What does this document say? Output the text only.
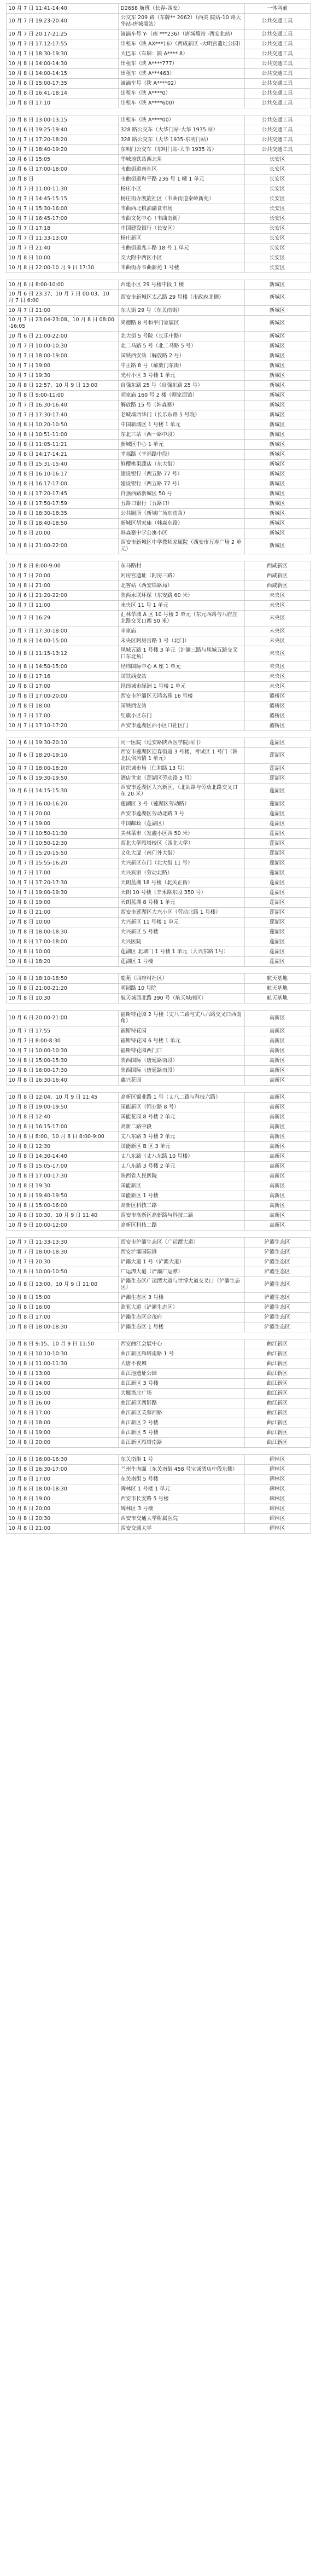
10 月 7 日 11:41-14:40	D2658 航班（长春-西安）	一体两前
10 月 7 日 19:23-20:40	公交车 209 路（车牌** 2062）（西美 院站-10 路大华站-唐城墙站）	公共交通工具
10 月 7 日 20:17-21:25	滴滴车号 Y-（南 ***236）（唐城墙站 -西安北站）	公共交通工具
10 月 7 日 17:12-17:55	出租车（陕 AX***16）（西咸新区 -大明宫遗址公园）	公共交通工具
10 月 7 日 18:30-19:30	大巴车（车牌：陕 A**** 8）	公共交通工具
10 月 8 日 14:00-14:30	出租车（陕 A****777）	公共交通工具
10 月 8 日 14:00-14:15	出租车（陕 A***463）	公共交通工具
10 月 8 日 15:00-17:35	滴滴车号（陕 A****02）	公共交通工具
10 月 8 日 16:41-18:14	出租车（陕 A****0）	公共交通工具
10 月 8 日 17:10	出租车（陕 A****600）	公共交通工具
10 月 8 日 13:00-13:15	出租车（陕 A****00）	公共交通工具
10 月 6 日 19:25-19:40	328 路公交车（大华门站-大华 1935 站）	公共交通工具
10 月 7 日 17:20-18:20	328 路公交车（大华 1935-东明门站）	公共交通工具
10 月 7 日 18:40-19:20	东明门公交车（东明门站-大华 1935 站）	公共交通工具
10 月 6 日 15:05	华城地铁站西北角	长安区
10 月 6 日 17:00-18:00	韦曲街道南社区	长安区
10 月 8 日	韦曲街道和平路 236 号 1 幢 1 单元	长安区
10 月 7 日 11:00-11:30	杨庄小区	长安区
10 月 7 日 14:45-15:15	杨庄街办凯旋社区（韦曲街道秦岭新苑）	长安区
10 月 7 日 15:30-16:00	韦曲西北粮油副食市场	长安区
10 月 7 日 16:45-17:00	韦曲文化中心（韦曲南街）	长安区
10 月 7 日 17:18	中国建设银行（长安区）	长安区
10 月 7 日 11:33-13:00	杨庄新区	长安区
10 月 7 日 21:40	韦曲街道兆丰路 18 号 1 单元	长安区
10 月 8 日 10:00	交大附中西区小区	长安区
10 月 8 日 22:00-10 月 9 日 17:30	韦曲街办韦曲新苑 1 号楼	长安区
10 月 8 日 8:00-10:00	西建小区 29 号楼中段 1 楼	新城区
10 月 6 日 23:37、10 月 7 日 00:03、10 月 7 日 6:00	西安市新城区太乙路 29 号楼（市政府北侧）	新城区
10 月 7 日 21:00	东大街 29 号（东关南街）	新城区
10 月 7 日 23:04-23:08、10 月 8 日 08:00-16:05	尚德路 8 号和平门家属区	新城区
10 月 6 日 21:00-22:00	北大街 5 号院（长乐中路）	新城区
10 月 7 日 10:00-10:30	北二马路 5 号（北二马路 5 号）	新城区
10 月 7 日 18:00-19:00	国铁西安站（解放路 2 号）	新城区
10 月 7 日 19:00	中正路 8 号（解放门东街）	新城区
10 月 7 日 19:30	光村小区 3 号楼 1 单元	新城区
10 月 8 日 12:57、10 月 9 日 13:00	自强东路 25 号（自强东路 25 号）	新城区
10 月 8 日 9:00-11:00	胡家庙 160 号 2 楼（顾家面馆）	新城区
10 月 7 日 16:30-16:40	解放路 15 号（韩森寨）	新城区
10 月 7 日 17:30-17:40	老城墙西华门（长乐东路 5 号院）	新城区
10 月 8 日 10:20-10:50	中国新城区 1 号楼 1 单元	新城区
10 月 8 日 10:51-11:00	东北三站（西一路中段）	新城区
10 月 8 日 11:05-11:21	新城区中心 1 单元	新城区
10 月 8 日 14:17-14:21	幸福路（幸福路中段）	新城区
10 月 8 日 15:31-15:40	鲜樱桃果蔬店（东大街）	新城区
10 月 8 日 16:10-16:17	建设银行（西五路 77 号）	新城区
10 月 8 日 16:17-17:00	建设银行（西五路 77 号）	新城区
10 月 8 日 17:20-17:45	自强西路新城区 50 号	新城区
10 月 8 日 17:50-17:59	五路口银行（五路口）	新城区
10 月 8 日 18:30-18:35	公共厕所（新城广场东南角）	新城区
10 月 8 日 18:40-18:50	新城区胡家庙（韩森东路）	新城区
10 月 8 日 20:00	韩森寨中学公寓小区	新城区
10 月 8 日 21:00-22:00	西安市新城区中学教师家属院（西安市万寿广场 2 单元）	新城区
10 月 8 日 8:00-9:00	东马路村	西咸新区
10 月 7 日 20:00	阿房宫遗址（阿房三路）	西咸新区
10 月 8 日 21:00	北客站（西安铁路局）	西咸新区
10 月 6 日 21:20-22:00	陕西永联环保（东安路 60 米）	未央区
10 月 7 日 11:00	未央区 11 号 1 单元	未央区
10 月 7 日 16:29	汇林华城 A 区 10 号楼 2 单元（东元西路与八府庄北路交叉口西 50 米）	未央区
10 月 7 日 17:30-18:00	辛家庙	未央区
10 月 8 日 14:00-15:00	未央区阿房宫路 1 号（北门）	未央区
10 月 8 日 11:15-13:12	凤城五路 1 号楼 3 单元（沪灞三路与凤城五路交叉口东北角）	未央区
10 月 8 日 14:50-15:00	经纬国际中心 A 座 1 单元	未央区
10 月 8 日 17:16	国铁西安站	未央区
10 月 8 日 17:00	经纬城市绿洲 1 号楼 1 单元	未央区
10 月 8 日 17:00-20:00	西安市沪灞区天鸿名苑 16 号楼	灞桥区
10 月 8 日 18:00	国铁西安站	灞桥区
10 月 7 日 17:00	红旗小区东门	灞桥区
10 月 7 日 17:10-17:20	西安市莲湖区西小区口社区门	灞桥区
10 月 6 日 19:30-20:10	同一医院（延安路陕西医学院西门）	莲湖区
10 月 6 日 18:20-19:10	西安市莲湖区迎春街道 3 号楼，考试区 1 号门（陕北民俗风情 1 单元）	莲湖区
10 月 7 日 18:00-18:20	纺织城市场（仁和路 13 号）	莲湖区
10 月 6 日 19:30-19:50	酒店世家（莲湖区劳动路 5 号）	莲湖区
10 月 6 日 14:15-15:30	西安市莲湖区大兴新区、（北站路与劳动北路交叉口东 20 米）	莲湖区
10 月 7 日 16:00-16:20	莲湖区 3 号（莲湖区劳动路）	莲湖区
10 月 7 日 20:00	西安市莲湖区劳动北路 3 号	莲湖区
10 月 7 日 19:00	中国邮政（莲湖区）	莲湖区
10 月 7 日 10:50-11:30	美林菜市（发鑫小区西 50 米）	莲湖区
10 月 7 日 10:50-12:30	西北大学雁塔校区（西北大学）	莲湖区
10 月 7 日 15:20-15:50	文化大厦（南门外大街）	莲湖区
10 月 7 日 15:55-16:20	大兴新区东门（北大街 11 号）	莲湖区
10 月 7 日 17:00	大兴宾馆（劳动北路）	莲湖区
10 月 7 日 17:20-17:30	天朗蓝湖 18 号楼（北关正街）	莲湖区
10 月 7 日 19:00-19:30	天朗 10 号楼（丰禾路东段 350 号）	莲湖区
10 月 8 日 19:00	天朗蓝湖 8 号楼 1 单元	莲湖区
10 月 8 日 21:00	西安市莲湖区大兴小区（劳动北路 1 号楼）	莲湖区
10 月 8 日 10:00	大兴新区 11 号楼 1 单元	莲湖区
10 月 8 日 18:00-18:30	大兴新区 5 号楼	莲湖区
10 月 8 日 17:00-18:00	大兴医院	莲湖区
10 月 8 日 10:00	莲湖区 北城门 1 号楼 1 单元（大兴东路 1号）	莲湖区
10 月 8 日 18:20	莲湖区 1 号楼	莲湖区
10 月 8 日 18:10-18:50	鹿苑（四府村社区）	航天基地
10 月 8 日 21:00-21:20	明园路 10 号院	航天基地
10 月 8 日 10:30	航天城西北路 390 号（航天城南区）	航天基地
10 月 6 日 20:00-21:00	福斯特花园 2 号楼（丈八二路与丈八六路交叉口西南角）	高新区
10 月 7 日 17:55	福斯特花园	高新区
10 月 7 日 8:00-8:30	福斯特花园 6 号楼 1 单元	高新区
10 月 7 日 10:00-10:30	福斯特花园西门口	高新区
10 月 8 日 15:00-15:30	陕西国际（唐延路南段）	高新区
10 月 8 日 16:00-17:30	陕西国际（唐延路南段）	高新区
10 月 8 日 16:30-16:40	鑫兴花园	高新区
10 月 8 日 12:04、10 月 9 日 11:45	高新区锦业路 1 号（丈八二路与科技六路）	高新区
10 月 8 日 19:00-19:50	国能新区（锦业路 8 号）	高新区
10 月 8 日 12:40	国能花园 8 号楼 2 单元	高新区
10 月 8 日 16:15-17:00	高新二路中段	高新区
10 月 8 日 8:00、10 月 8 日 8:00-9:00	丈八东路 3 号楼 2 单元	高新区
10 月 8 日 12:30	国能新区 B 区 3 单元	高新区
10 月 8 日 14:30-14:40	丈八东路（丈八东路 10 号楼）	高新区
10 月 8 日 15:05-17:00	丈八东路 3 号楼 2 单元	高新区
10 月 8 日 17:00-17:30	陕西省人民医院	高新区
10 月 8 日 19:30	国能新区	高新区
10 月 8 日 19:40-19:50	国能新区 1 号楼	高新区
10 月 8 日 15:00-16:00	高新区科技二路	高新区
10 月 8 日 10:30、10 月 9 日 11:40	西安市高新区高新路与科技二路	高新区
10 月 9 日 10:00-12:00	高新区科技二路	高新区
10 月 7 日 11:33-13:30	西安市沪灞生态区（广运潭大道）	浐灞生态区
10 月 7 日 18:00-18:30	西安浐灞国际港	浐灞生态区
10 月 7 日 20:30	浐灞大道 1 号（浐灞大道）	浐灞生态区
10 月 8 日 10:00-10:50	广运潭大道（浐灞广运潭）	浐灞生态区
10 月 8 日 13:00、10 月 9 日 11:00	浐灞生态区广运潭大道与世博大道交叉口（浐灞生态区）	浐灞生态区
10 月 8 日 15:00	浐灞生态区 3 号楼	浐灞生态区
10 月 8 日 16:00	欧亚大道（浐灞生态区）	浐灞生态区
10 月 8 日 17:00	浐灞生态区金茂府	浐灞生态区
10 月 8 日 18:00-18:30	浐灞生态区 1 号楼	浐灞生态区
10 月 8 日 9:15、10 月 9 日 11:50	西安曲江会展中心	曲江新区
10 月 8 日 10:10-10:30	曲江新区雁塔南路 1 号	曲江新区
10 月 8 日 11:00-11:30	大唐不夜城	曲江新区
10 月 8 日 13:00	曲江池遗址公园	曲江新区
10 月 8 日 14:00	曲江新区 3 号楼	曲江新区
10 月 8 日 15:00	大雁塔北广场	曲江新区
10 月 8 日 16:00	曲江新区西影路	曲江新区
10 月 8 日 17:00	曲江新区芙蓉西路	曲江新区
10 月 8 日 18:00	曲江新区 2 号楼	曲江新区
10 月 8 日 19:00	曲江新区 5 号楼	曲江新区
10 月 8 日 20:00	曲江新区雁塔南路	曲江新区
10 月 8 日 16:00-16:30	东关南街 1 号	碑林区
10 月 8 日 16:30-17:00	兰州牛肉面（东关南街 458 号宝诚酒店中段东侧）	碑林区
10 月 8 日 17:00	东关南街 5 号楼	碑林区
10 月 8 日 18:00-18:30	碑林区 1 号楼 1 单元	碑林区
10 月 8 日 19:00	西安市长安路 5 号楼	碑林区
10 月 8 日 20:00	碑林区 3 号楼	碑林区
10 月 8 日 20:30	西安市交通大学附属医院	碑林区
10 月 8 日 21:00	西安交通大学	碑林区
